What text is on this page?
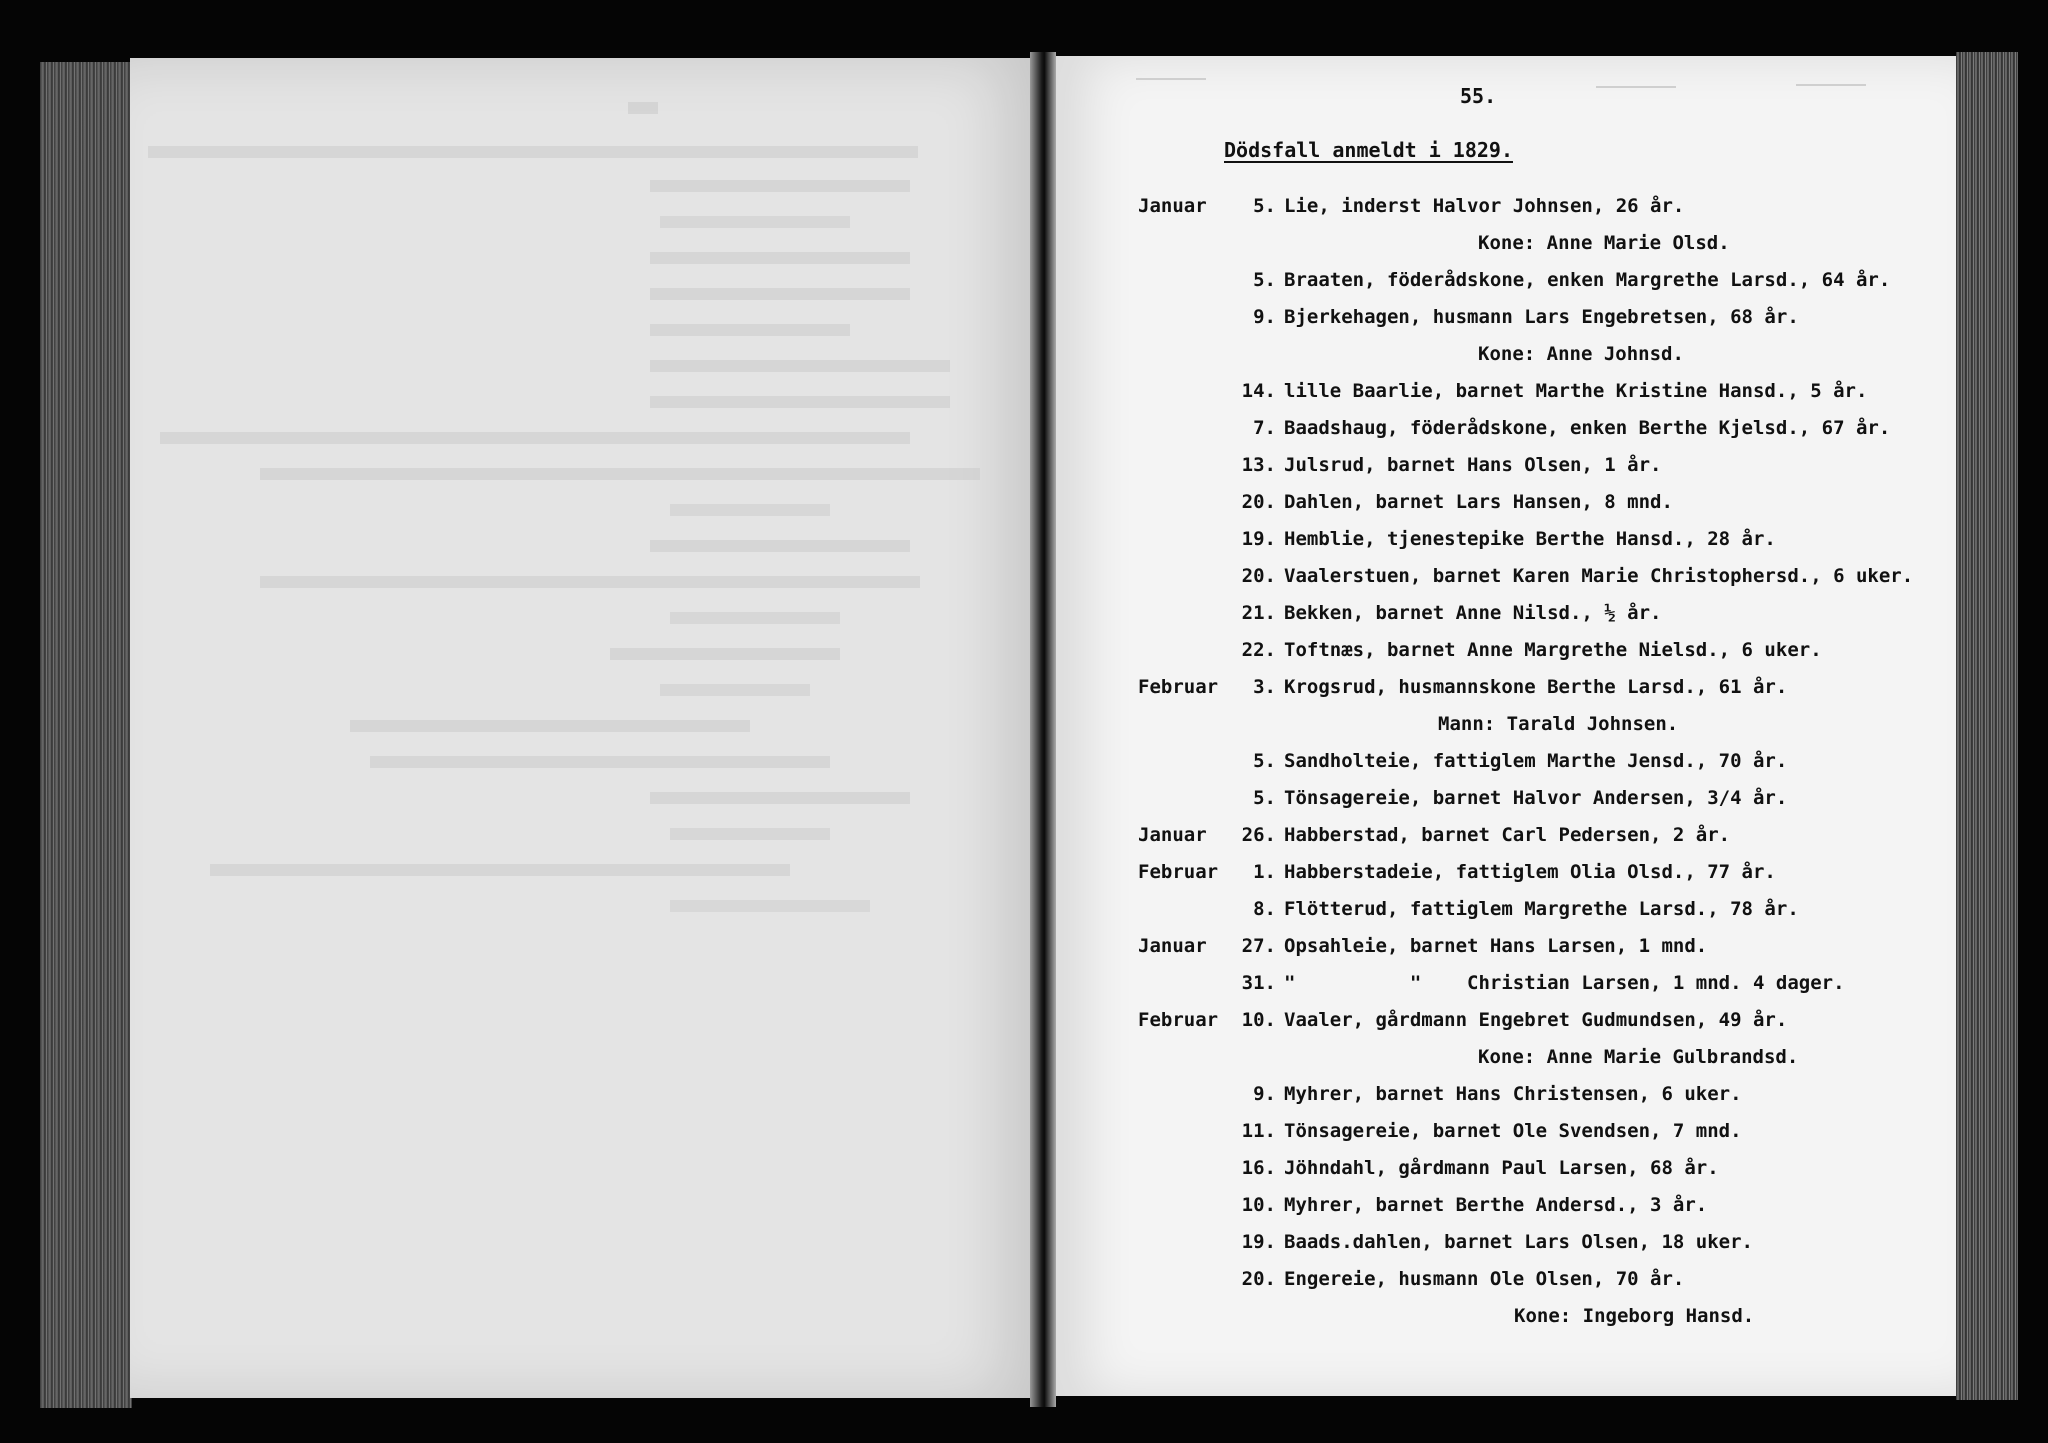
55.
Dödsfall anmeldt i 1829.
Januar	5. Lie, inderst Halvor Johnsen, 26 år.
Kone: Anne Marie Olsd.
5. Braaten, föderådskone, enken Margrethe Larsd., 64 år.
9. Bjerkehagen, husmann Lars Engebretsen, 68 år.
Kone: Anne Johnsd.
14. lille Baarlie, barnet Marthe Kristine Hansd., 5 år.
7. Baadshaug, föderådskone, enken Berthe Kjelsd., 67 år.
13. Julsrud, barnet Hans Olsen, 1 år.
20. Dahlen, barnet Lars Hansen, 8 mnd.
19. Hemblie, tjenestepike Berthe Hansd., 28 år.
20. Vaalerstuen, barnet Karen Marie Christophersd., 6 uker.
21. Bekken, barnet Anne Nilsd., ½ år.
22. Toftnæs, barnet Anne Margrethe Nielsd., 6 uker.
Februar	3. Krogsrud, husmannskone Berthe Larsd., 61 år.
Mann: Tarald Johnsen.
5. Sandholteie, fattiglem Marthe Jensd., 70 år.
5. Tönsagereie, barnet Halvor Andersen, 3/4 år.
Januar	26. Habberstad, barnet Carl Pedersen, 2 år.
Februar	1. Habberstadeie, fattiglem Olia Olsd., 77 år.
8. Flötterud, fattiglem Margrethe Larsd., 78 år.
Januar	27. Opsahleie, barnet Hans Larsen, 1 mnd.
31. "          "    Christian Larsen, 1 mnd. 4 dager.
Februar	10. Vaaler, gårdmann Engebret Gudmundsen, 49 år.
Kone: Anne Marie Gulbrandsd.
9. Myhrer, barnet Hans Christensen, 6 uker.
11. Tönsagereie, barnet Ole Svendsen, 7 mnd.
16. Jöhndahl, gårdmann Paul Larsen, 68 år.
10. Myhrer, barnet Berthe Andersd., 3 år.
19. Baads.dahlen, barnet Lars Olsen, 18 uker.
20. Engereie, husmann Ole Olsen, 70 år.
Kone: Ingeborg Hansd.
